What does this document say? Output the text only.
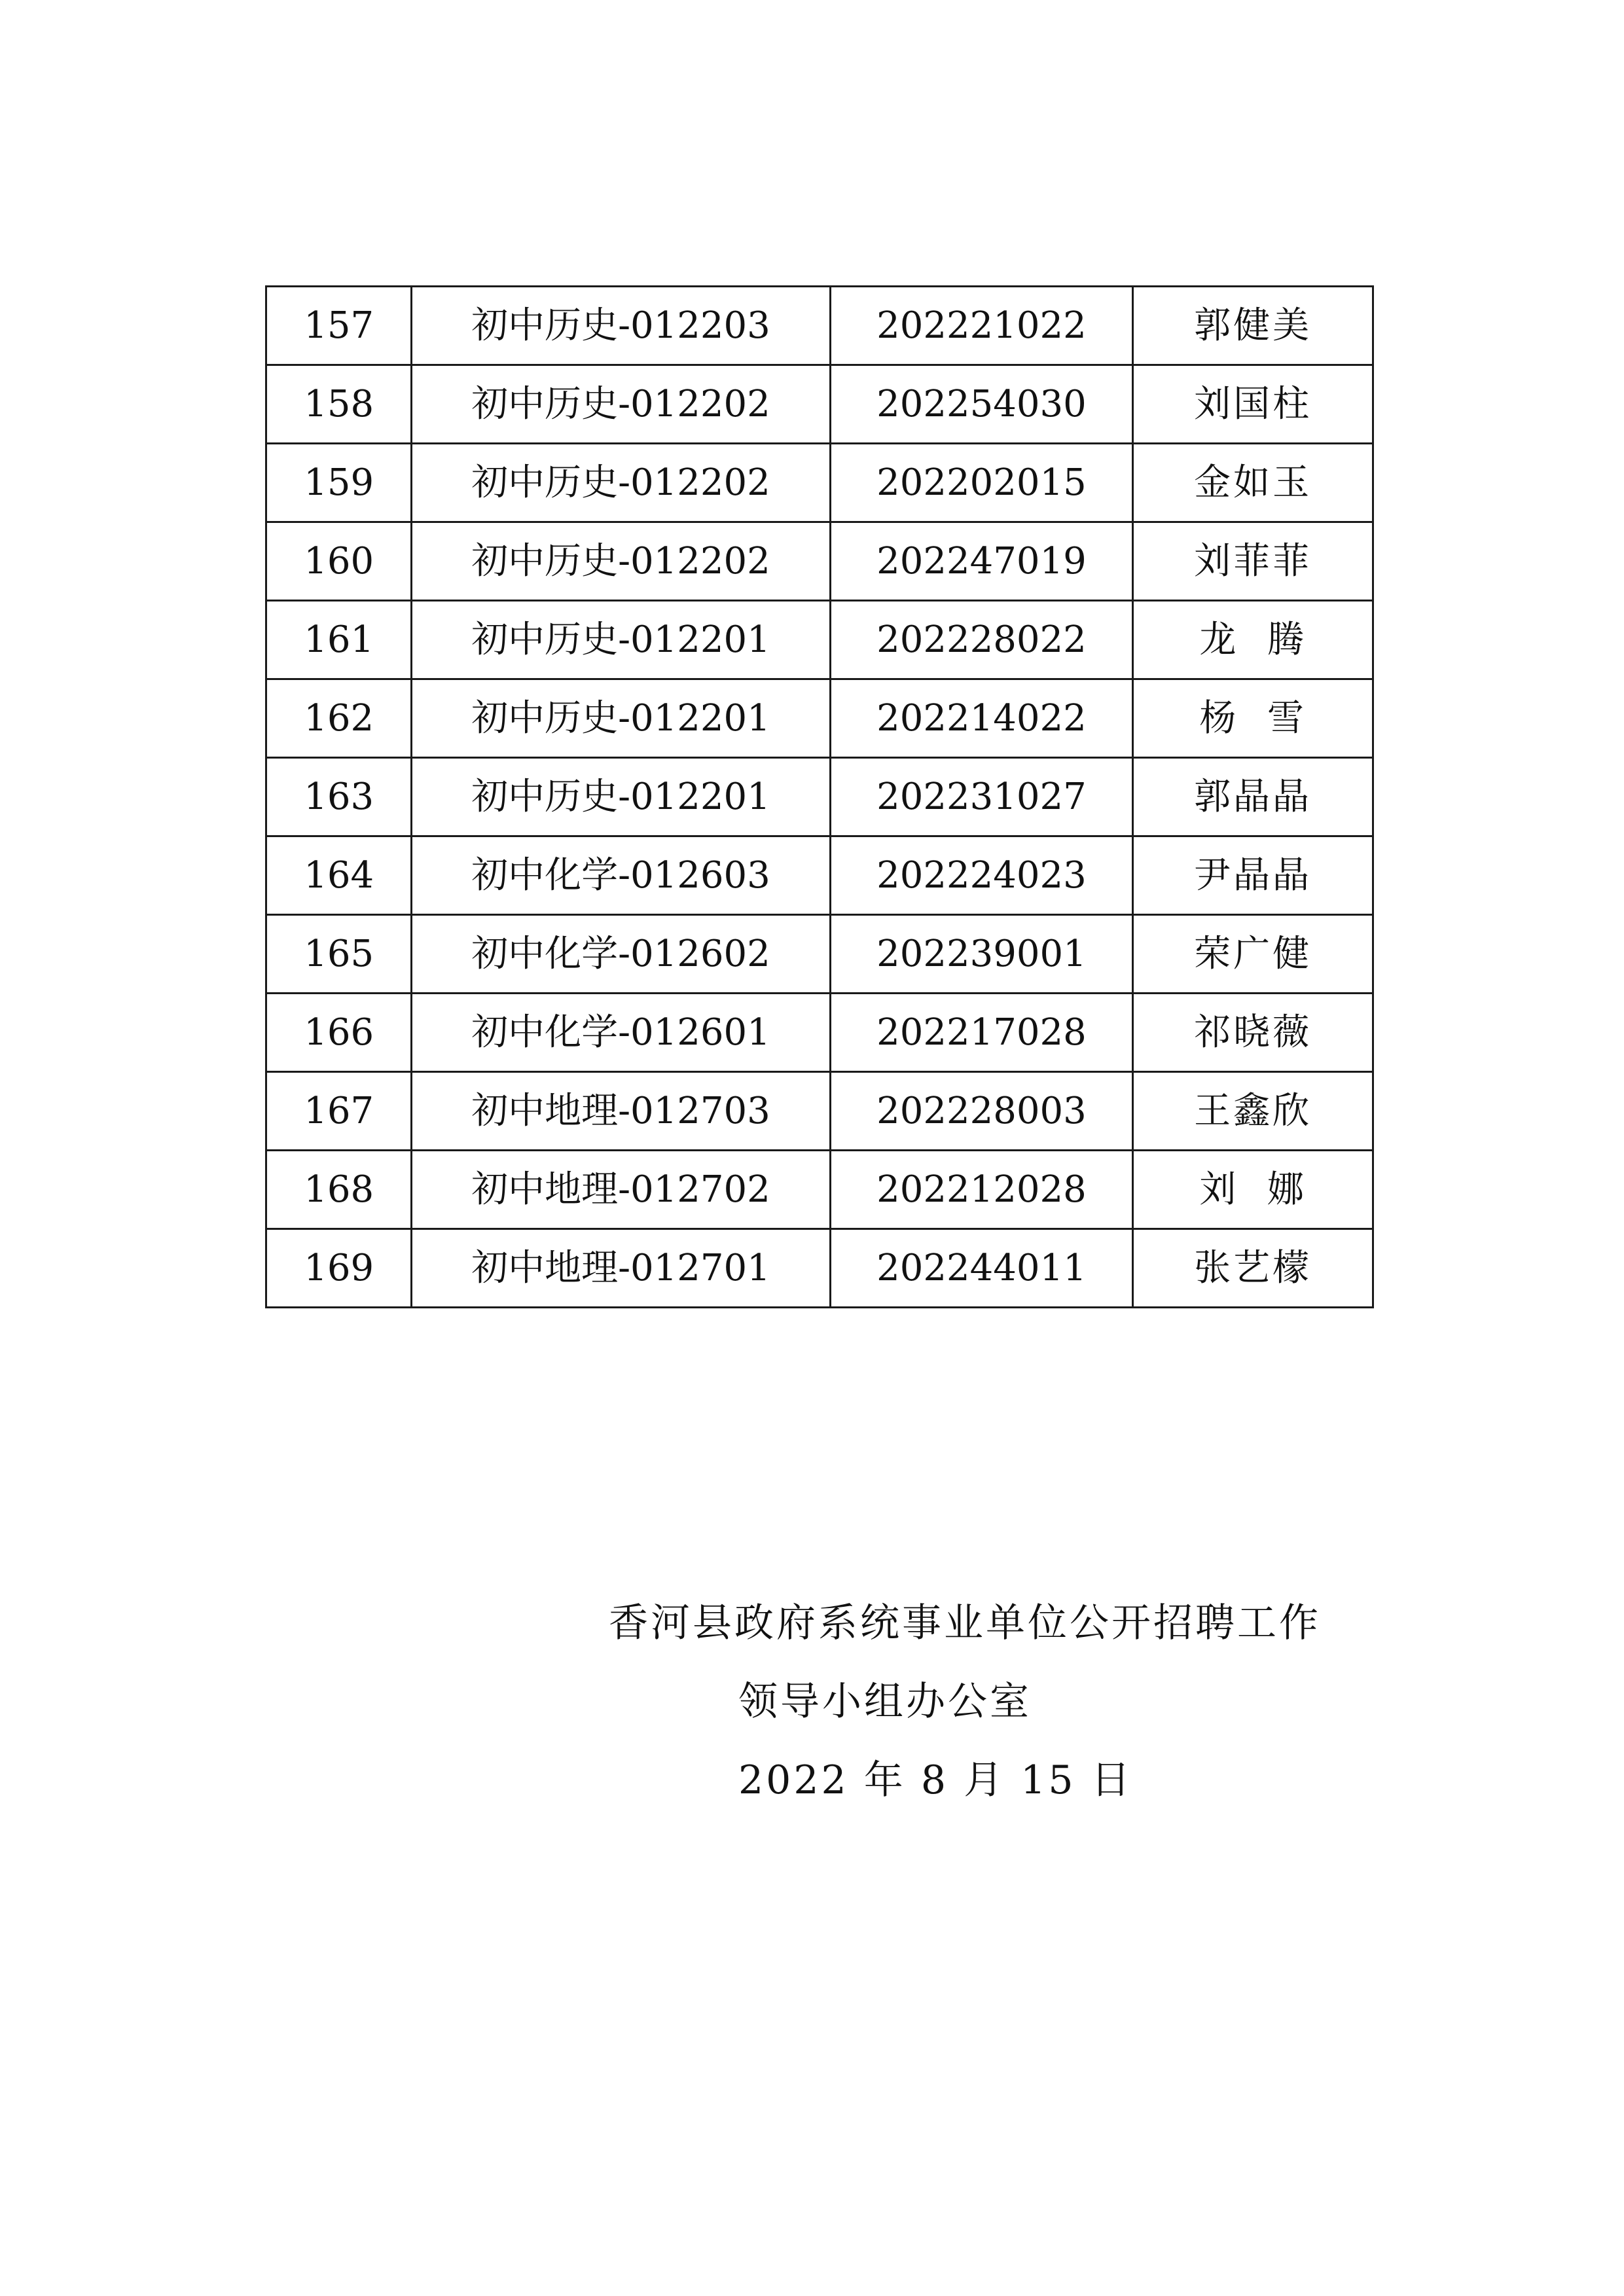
157	初中历史-012203	202221022	郭健美
158	初中历史-012202	202254030	刘国柱
159	初中历史-012202	202202015	金如玉
160	初中历史-012202	202247019	刘菲菲
161	初中历史-012201	202228022	龙  腾
162	初中历史-012201	202214022	杨  雪
163	初中历史-012201	202231027	郭晶晶
164	初中化学-012603	202224023	尹晶晶
165	初中化学-012602	202239001	荣广健
166	初中化学-012601	202217028	祁晓薇
167	初中地理-012703	202228003	王鑫欣
168	初中地理-012702	202212028	刘  娜
169	初中地理-012701	202244011	张艺檬
香河县政府系统事业单位公开招聘工作
领导小组办公室
2022 年 8 月 15 日
